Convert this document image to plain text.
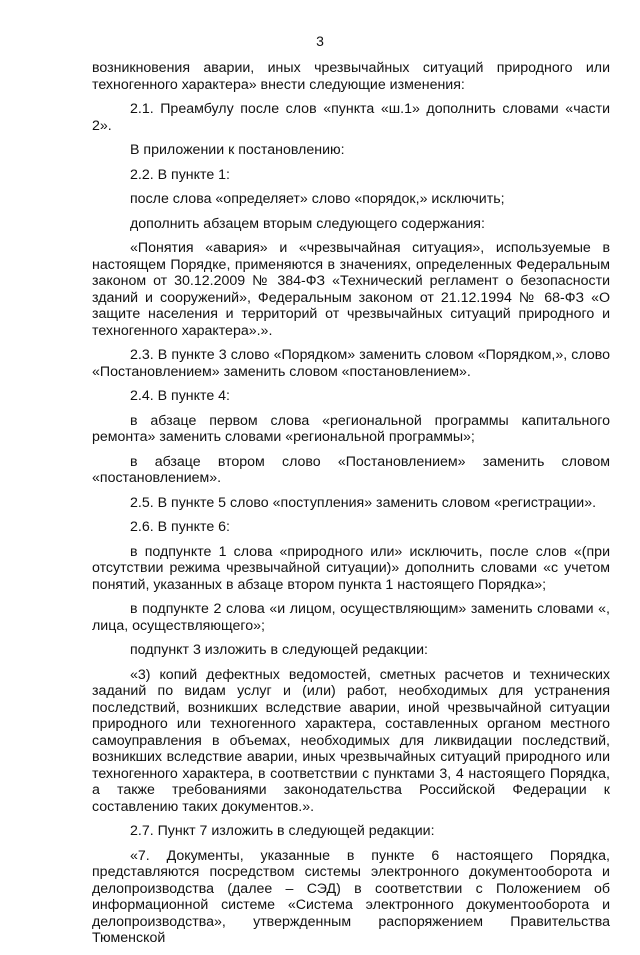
3

возникновения аварии, иных чрезвычайных ситуаций природного или техногенного характера» внести следующие изменения:

2.1. Преамбулу после слов «пункта «ш.1» дополнить словами «части 2».

В приложении к постановлению:

2.2. В пункте 1:

после слова «определяет» слово «порядок,» исключить;

дополнить абзацем вторым следующего содержания:

«Понятия «авария» и «чрезвычайная ситуация», используемые в настоящем Порядке, применяются в значениях, определенных Федеральным законом от 30.12.2009 № 384-ФЗ «Технический регламент о безопасности зданий и сооружений», Федеральным законом от 21.12.1994 № 68-ФЗ «О защите населения и территорий от чрезвычайных ситуаций природного и техногенного характера».».

2.3. В пункте 3 слово «Порядком» заменить словом «Порядком,», слово «Постановлением» заменить словом «постановлением».

2.4. В пункте 4:

в абзаце первом слова «региональной программы капитального ремонта» заменить словами «региональной программы»;

в абзаце втором слово «Постановлением» заменить словом «постановлением».

2.5. В пункте 5 слово «поступления» заменить словом «регистрации».

2.6. В пункте 6:

в подпункте 1 слова «природного или» исключить, после слов «(при отсутствии режима чрезвычайной ситуации)» дополнить словами «с учетом понятий, указанных в абзаце втором пункта 1 настоящего Порядка»;

в подпункте 2 слова «и лицом, осуществляющим» заменить словами «, лица, осуществляющего»;

подпункт 3 изложить в следующей редакции:

«3) копий дефектных ведомостей, сметных расчетов и технических заданий по видам услуг и (или) работ, необходимых для устранения последствий, возникших вследствие аварии, иной чрезвычайной ситуации природного или техногенного характера, составленных органом местного самоуправления в объемах, необходимых для ликвидации последствий, возникших вследствие аварии, иных чрезвычайных ситуаций природного или техногенного характера, в соответствии с пунктами 3, 4 настоящего Порядка, а также требованиями законодательства Российской Федерации к составлению таких документов.».

2.7. Пункт 7 изложить в следующей редакции:

«7. Документы, указанные в пункте 6 настоящего Порядка, представляются посредством системы электронного документооборота и делопроизводства (далее – СЭД) в соответствии с Положением об информационной системе «Система электронного документооборота и делопроизводства», утвержденным распоряжением Правительства Тюменской
